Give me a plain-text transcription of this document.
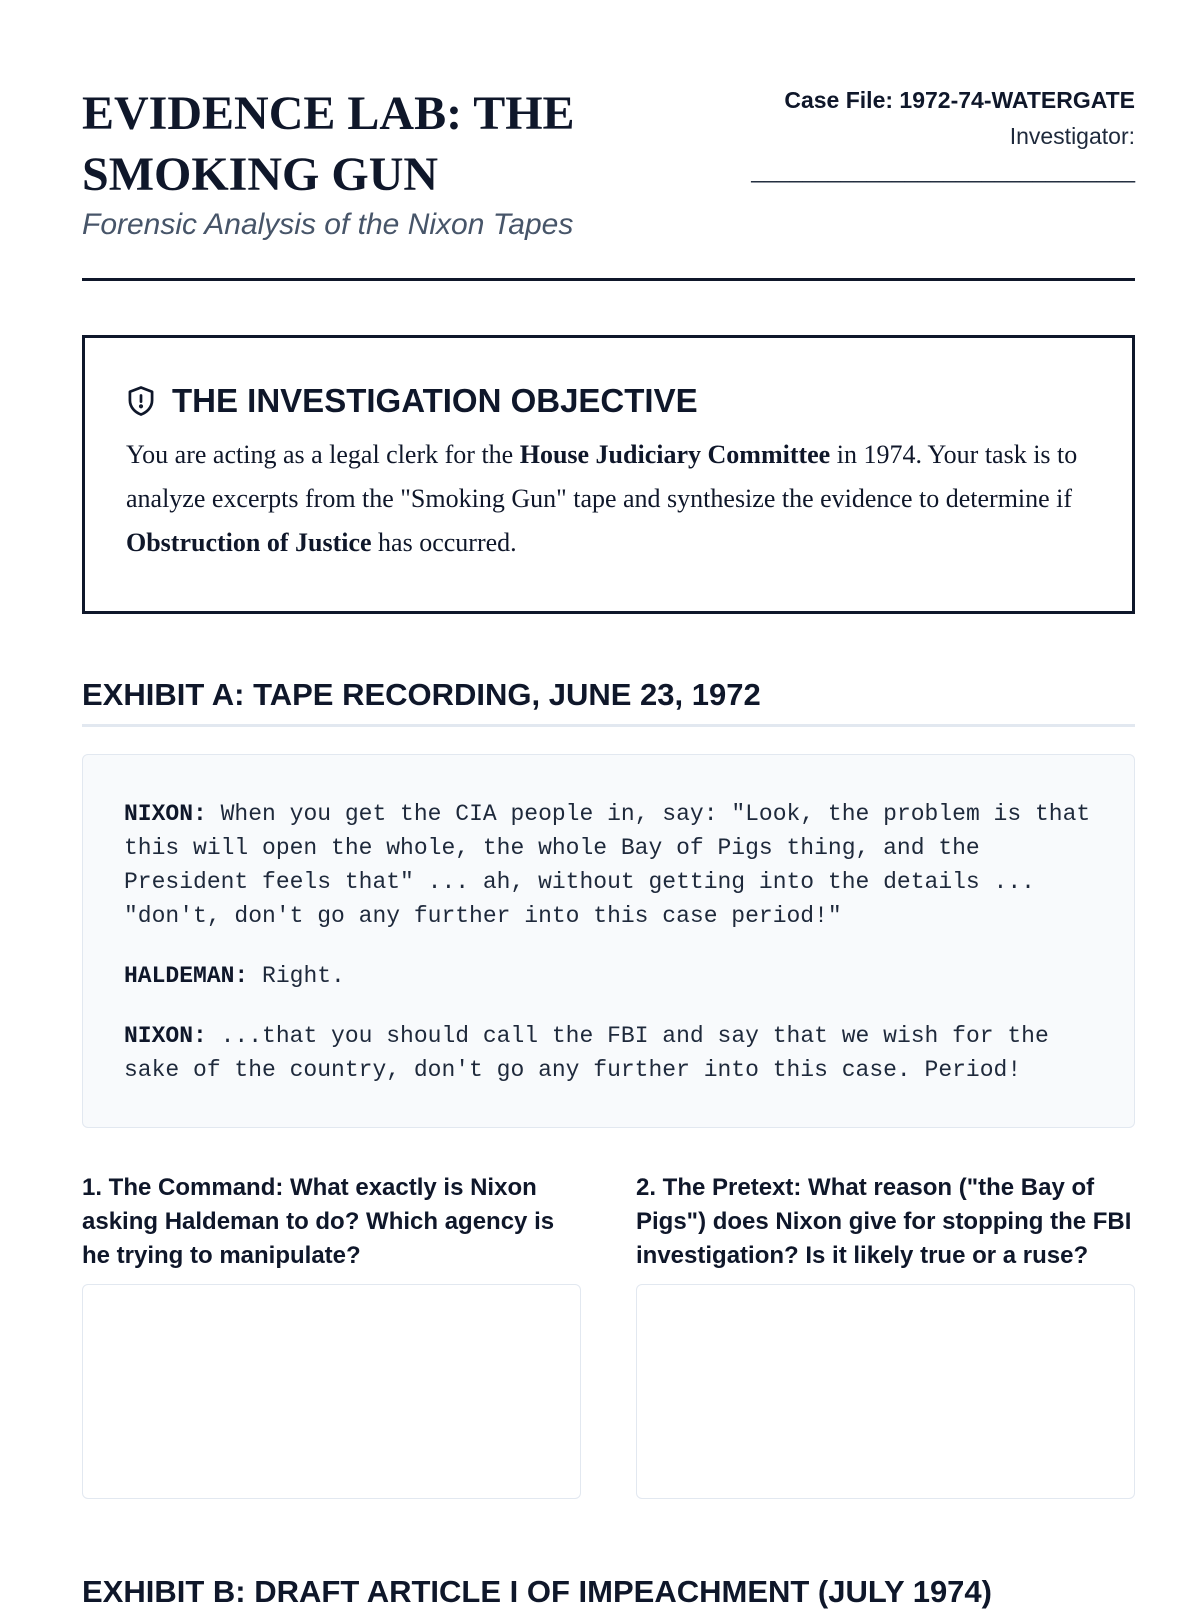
EVIDENCE LAB: THE SMOKING GUN

Forensic Analysis of the Nixon Tapes

Case File: 1972-74-WATERGATE
Investigator:
______________________________
THE INVESTIGATION OBJECTIVE

You are acting as a legal clerk for the House Judiciary Committee in 1974. Your task is to analyze excerpts from the "Smoking Gun" tape and synthesize the evidence to determine if Obstruction of Justice has occurred.

EXHIBIT A: TAPE RECORDING, JUNE 23, 1972

NIXON: When you get the CIA people in, say: "Look, the problem is that this will open the whole, the whole Bay of Pigs thing, and the President feels that" ... ah, without getting into the details ... "don't, don't go any further into this case period!"

HALDEMAN: Right.

NIXON: ...that you should call the FBI and say that we wish for the sake of the country, don't go any further into this case. Period!

1. The Command: What exactly is Nixon asking Haldeman to do? Which agency is he trying to manipulate?

2. The Pretext: What reason ("the Bay of Pigs") does Nixon give for stopping the FBI investigation? Is it likely true or a ruse?

EXHIBIT B: DRAFT ARTICLE I OF IMPEACHMENT (JULY 1974)
